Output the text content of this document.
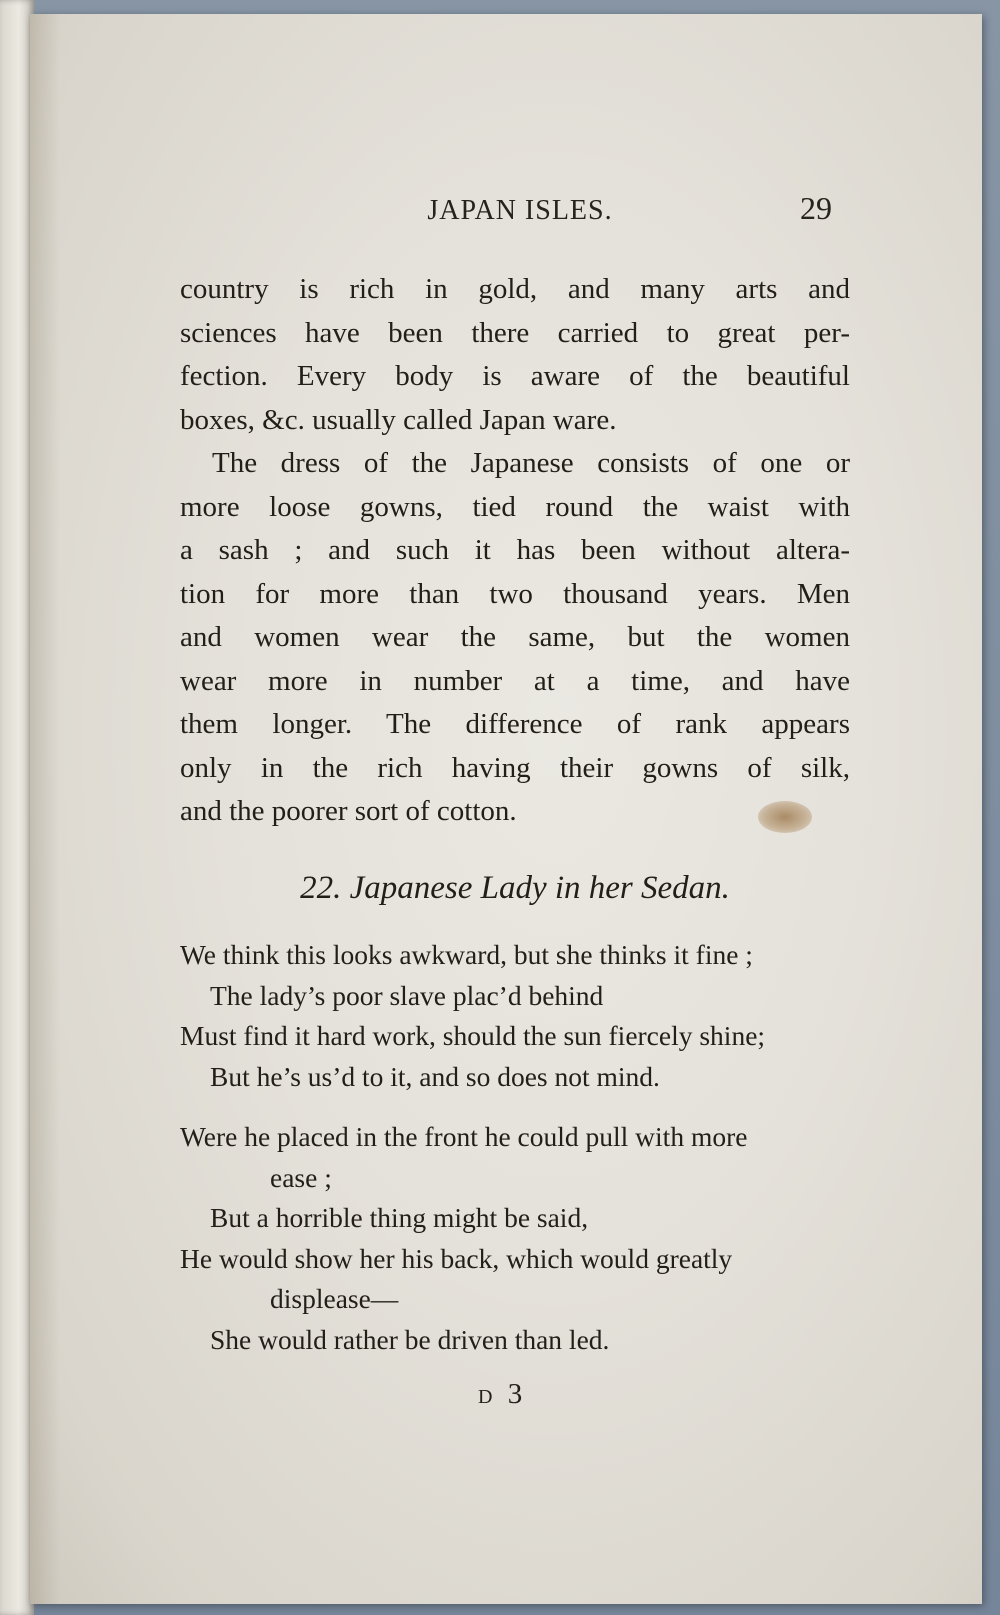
JAPAN ISLES.	29

country is rich in gold, and many arts and
sciences have been there carried to great per-
fection. Every body is aware of the beautiful
boxes, &c. usually called Japan ware.

The dress of the Japanese consists of one or
more loose gowns, tied round the waist with
a sash ; and such it has been without altera-
tion for more than two thousand years. Men
and women wear the same, but the women
wear more in number at a time, and have
them longer. The difference of rank appears
only in the rich having their gowns of silk,
and the poorer sort of cotton.

22. Japanese Lady in her Sedan.
We think this looks awkward, but she thinks it fine ;
The lady’s poor slave plac’d behind
Must find it hard work, should the sun fiercely shine;
But he’s us’d to it, and so does not mind.
Were he placed in the front he could pull with more
ease ;
But a horrible thing might be said,
He would show her his back, which would greatly
displease—
She would rather be driven than led.
D 3
